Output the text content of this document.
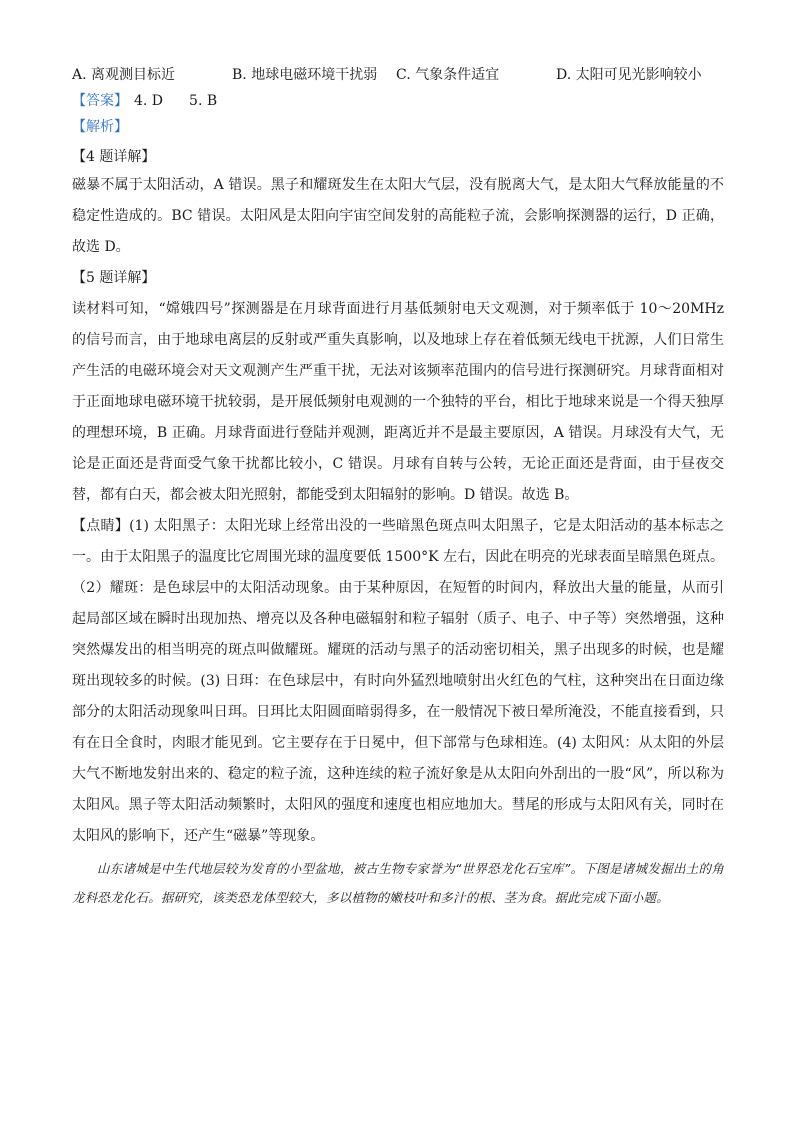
A. 离观测目标近	B. 地球电磁环境干扰弱	C. 气象条件适宜	D. 太阳可见光影响较小
【答案】 4. D 5. B
【解析】
【4 题详解】

磁暴不属于太阳活动，A 错误。黑子和耀斑发生在太阳大气层，没有脱离大气，是太阳大气释放能量的不稳定性造成的。BC 错误。太阳风是太阳向宇宙空间发射的高能粒子流，会影响探测器的运行，D 正确，故选 D。

【5 题详解】

读材料可知，“嫦娥四号”探测器是在月球背面进行月基低频射电天文观测，对于频率低于 10～20MHz 的信号而言，由于地球电离层的反射或严重失真影响，以及地球上存在着低频无线电干扰源，人们日常生产生活的电磁环境会对天文观测产生严重干扰，无法对该频率范围内的信号进行探测研究。月球背面相对于正面地球电磁环境干扰较弱，是开展低频射电观测的一个独特的平台，相比于地球来说是一个得天独厚的理想环境，B 正确。月球背面进行登陆并观测，距离近并不是最主要原因，A 错误。月球没有大气，无论是正面还是背面受气象干扰都比较小，C 错误。月球有自转与公转，无论正面还是背面，由于昼夜交替，都有白天，都会被太阳光照射，都能受到太阳辐射的影响。D 错误。故选 B。

【点睛】(1) 太阳黑子：太阳光球上经常出没的一些暗黑色斑点叫太阳黑子，它是太阳活动的基本标志之一。由于太阳黑子的温度比它周围光球的温度要低 1500°K 左右，因此在明亮的光球表面呈暗黑色斑点。（2）耀斑：是色球层中的太阳活动现象。由于某种原因，在短暂的时间内，释放出大量的能量，从而引起局部区域在瞬时出现加热、增亮以及各种电磁辐射和粒子辐射（质子、电子、中子等）突然增强，这种突然爆发出的相当明亮的斑点叫做耀斑。耀斑的活动与黑子的活动密切相关，黑子出现多的时候，也是耀斑出现较多的时候。(3) 日珥：在色球层中，有时向外猛烈地喷射出火红色的气柱，这种突出在日面边缘部分的太阳活动现象叫日珥。日珥比太阳圆面暗弱得多，在一般情况下被日晕所淹没，不能直接看到，只有在日全食时，肉眼才能见到。它主要存在于日冕中，但下部常与色球相连。(4) 太阳风：从太阳的外层大气不断地发射出来的、稳定的粒子流，这种连续的粒子流好象是从太阳向外刮出的一股“风”，所以称为太阳风。黑子等太阳活动频繁时，太阳风的强度和速度也相应地加大。彗尾的形成与太阳风有关，同时在太阳风的影响下，还产生“磁暴”等现象。
山东诸城是中生代地层较为发育的小型盆地，被古生物专家誉为“世界恐龙化石宝库”。下图是诸城发掘出土的角龙科恐龙化石。据研究，该类恐龙体型较大，多以植物的嫩枝叶和多汁的根、茎为食。据此完成下面小题。
